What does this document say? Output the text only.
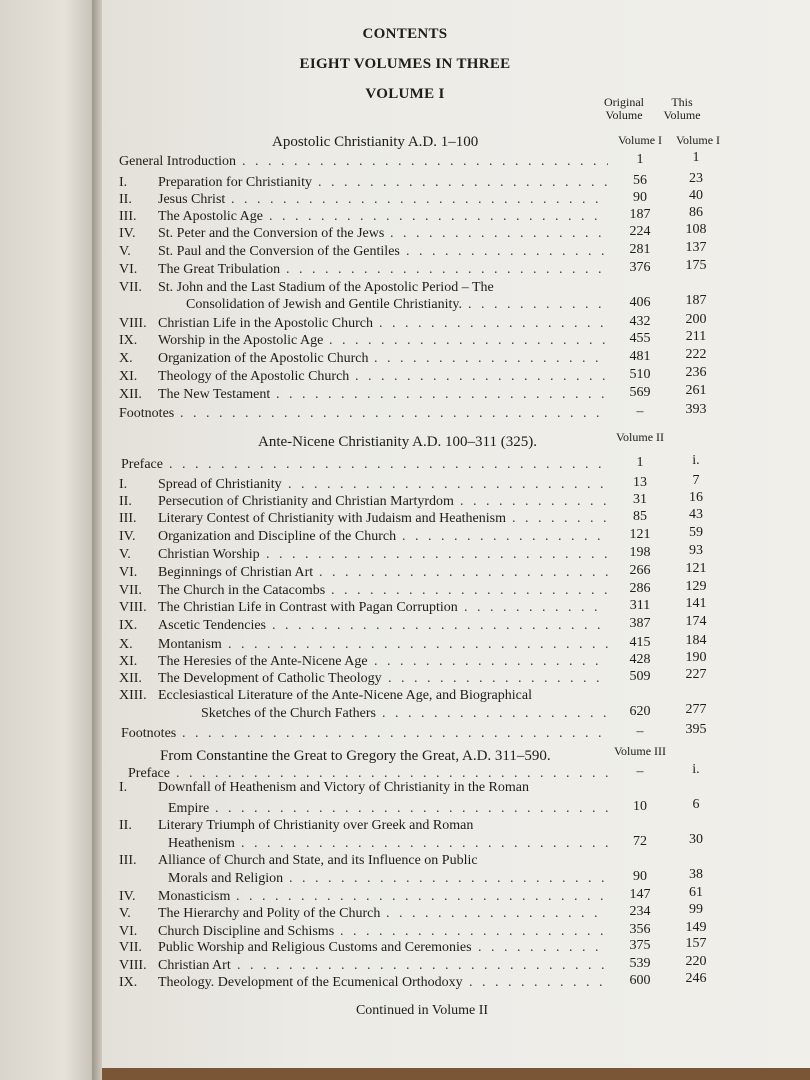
CONTENTS
EIGHT VOLUMES IN THREE
VOLUME I	Original
Volume
This
Volume
Apostolic Christianity A.D. 1–100	Volume I	Volume I
General Introduction . . .	1	1
I. Preparation for Christianity . . .	56	23
II. Jesus Christ . . .	90	40
III. The Apostolic Age . . .	187	86
IV. St. Peter and the Conversion of the Jews . . .	224	108
V. St. Paul and the Conversion of the Gentiles . . .	281	137
VI. The Great Tribulation . . .	376	175
VII. St. John and the Last Stadium of the Apostolic Period – The
Consolidation of Jewish and Gentile Christianity. . . .	406	187
VIII. Christian Life in the Apostolic Church . . .	432	200
IX. Worship in the Apostolic Age . . .	455	211
X. Organization of the Apostolic Church . . .	481	222
XI. Theology of the Apostolic Church . . .	510	236
XII. The New Testament . . .	569	261
Footnotes . . .	–	393
Ante-Nicene Christianity A.D. 100–311 (325).	Volume II
Preface . . .	1	i.
I. Spread of Christianity . . .	13	7
II. Persecution of Christianity and Christian Martyrdom . . .	31	16
III. Literary Contest of Christianity with Judaism and Heathenism . . .	85	43
IV. Organization and Discipline of the Church . . .	121	59
V. Christian Worship . . .	198	93
VI. Beginnings of Christian Art . . .	266	121
VII. The Church in the Catacombs . . .	286	129
VIII. The Christian Life in Contrast with Pagan Corruption . . .	311	141
IX. Ascetic Tendencies . . .	387	174
X. Montanism . . .	415	184
XI. The Heresies of the Ante-Nicene Age . . .	428	190
XII. The Development of Catholic Theology . . .	509	227
XIII. Ecclesiastical Literature of the Ante-Nicene Age, and Biographical
Sketches of the Church Fathers . . .	620	277
Footnotes . . .	–	395
From Constantine the Great to Gregory the Great, A.D. 311–590.	Volume III
Preface . . .	–	i.
I. Downfall of Heathenism and Victory of Christianity in the Roman
Empire . . .	10	6
II. Literary Triumph of Christianity over Greek and Roman
Heathenism . . .	72	30
III. Alliance of Church and State, and its Influence on Public
Morals and Religion . . .	90	38
IV. Monasticism . . .	147	61
V. The Hierarchy and Polity of the Church . . .	234	99
VI. Church Discipline and Schisms . . .	356	149
VII. Public Worship and Religious Customs and Ceremonies . . .	375	157
VIII. Christian Art . . .	539	220
IX. Theology. Development of the Ecumenical Orthodoxy . . .	600	246
Continued in Volume II
